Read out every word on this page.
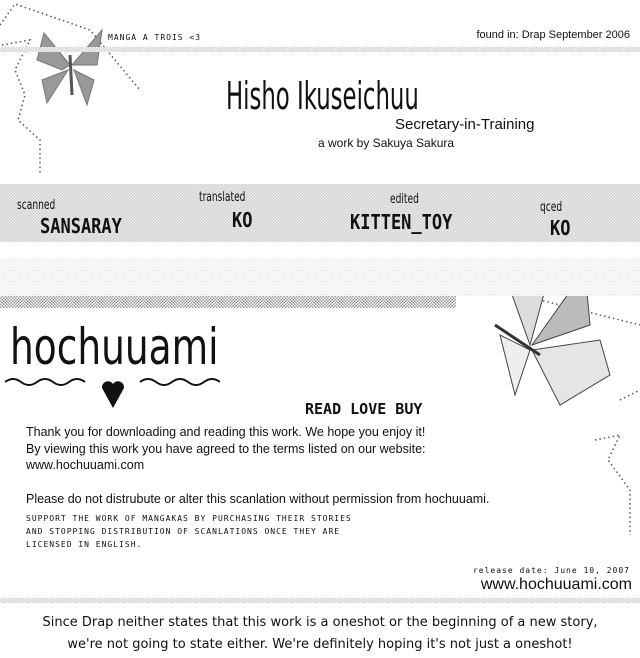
MANGA A TROIS <3	found in: Drap September 2006
Hisho Ikuseichuu
Secretary-in-Training
a work by Sakuya Sakura
scanned
SANSARAY
translated
KO
edited
KITTEN_TOY
qced
KO
hochuuami
READ LOVE BUY

Thank you for downloading and reading this work. We hope you enjoy it!

By viewing this work you have agreed to the terms listed on our website:

www.hochuuami.com

Please do not distrubute or alter this scanlation without permission from hochuuami.

SUPPORT THE WORK OF MANGAKAS BY PURCHASING THEIR STORIES
AND STOPPING DISTRIBUTION OF SCANLATIONS ONCE THEY ARE
LICENSED IN ENGLISH.
release date: June 10, 2007
www.hochuuami.com
Since Drap neither states that this work is a oneshot or the beginning of a new story,
we're not going to state either. We're definitely hoping it's not just a oneshot!
